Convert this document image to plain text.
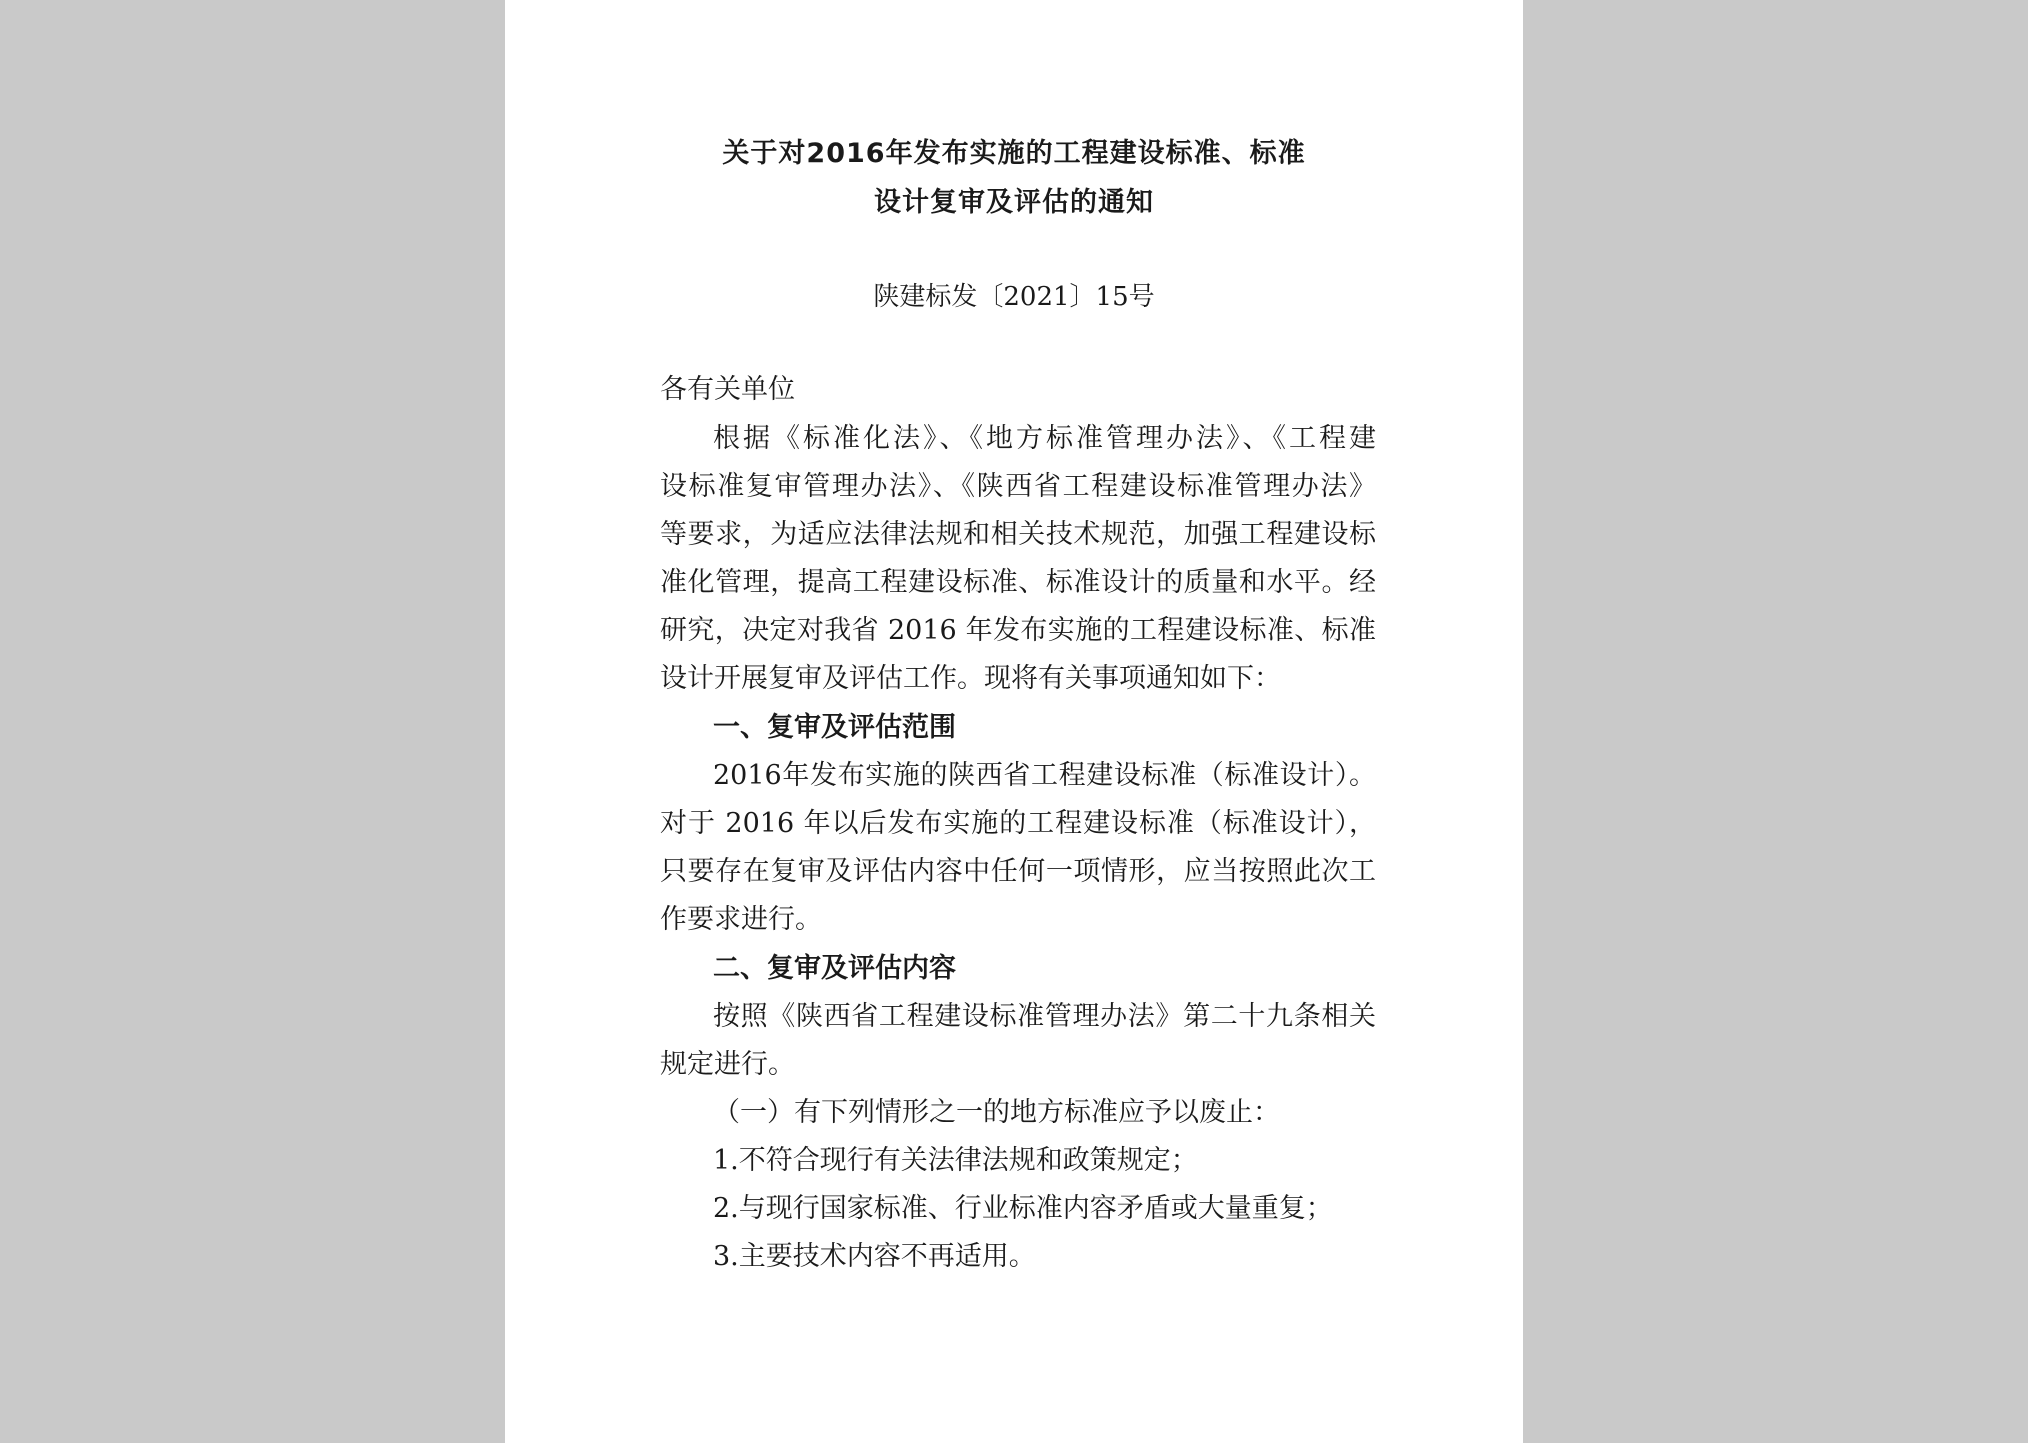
关于对2016年发布实施的工程建设标准、标准
设计复审及评估的通知
陕建标发〔2021〕15号
各有关单位
根据《标准化法》、《地方标准管理办法》、《工程建
设标准复审管理办法》、《陕西省工程建设标准管理办法》
等要求，为适应法律法规和相关技术规范，加强工程建设标
准化管理，提高工程建设标准、标准设计的质量和水平。经
研究，决定对我省 2016 年发布实施的工程建设标准、标准
设计开展复审及评估工作。现将有关事项通知如下：
一、复审及评估范围
2016年发布实施的陕西省工程建设标准（标准设计）。
对于 2016 年以后发布实施的工程建设标准（标准设计），
只要存在复审及评估内容中任何一项情形，应当按照此次工
作要求进行。
二、复审及评估内容
按照《陕西省工程建设标准管理办法》第二十九条相关
规定进行。
（一）有下列情形之一的地方标准应予以废止：
1.不符合现行有关法律法规和政策规定；
2.与现行国家标准、行业标准内容矛盾或大量重复；
3.主要技术内容不再适用。
